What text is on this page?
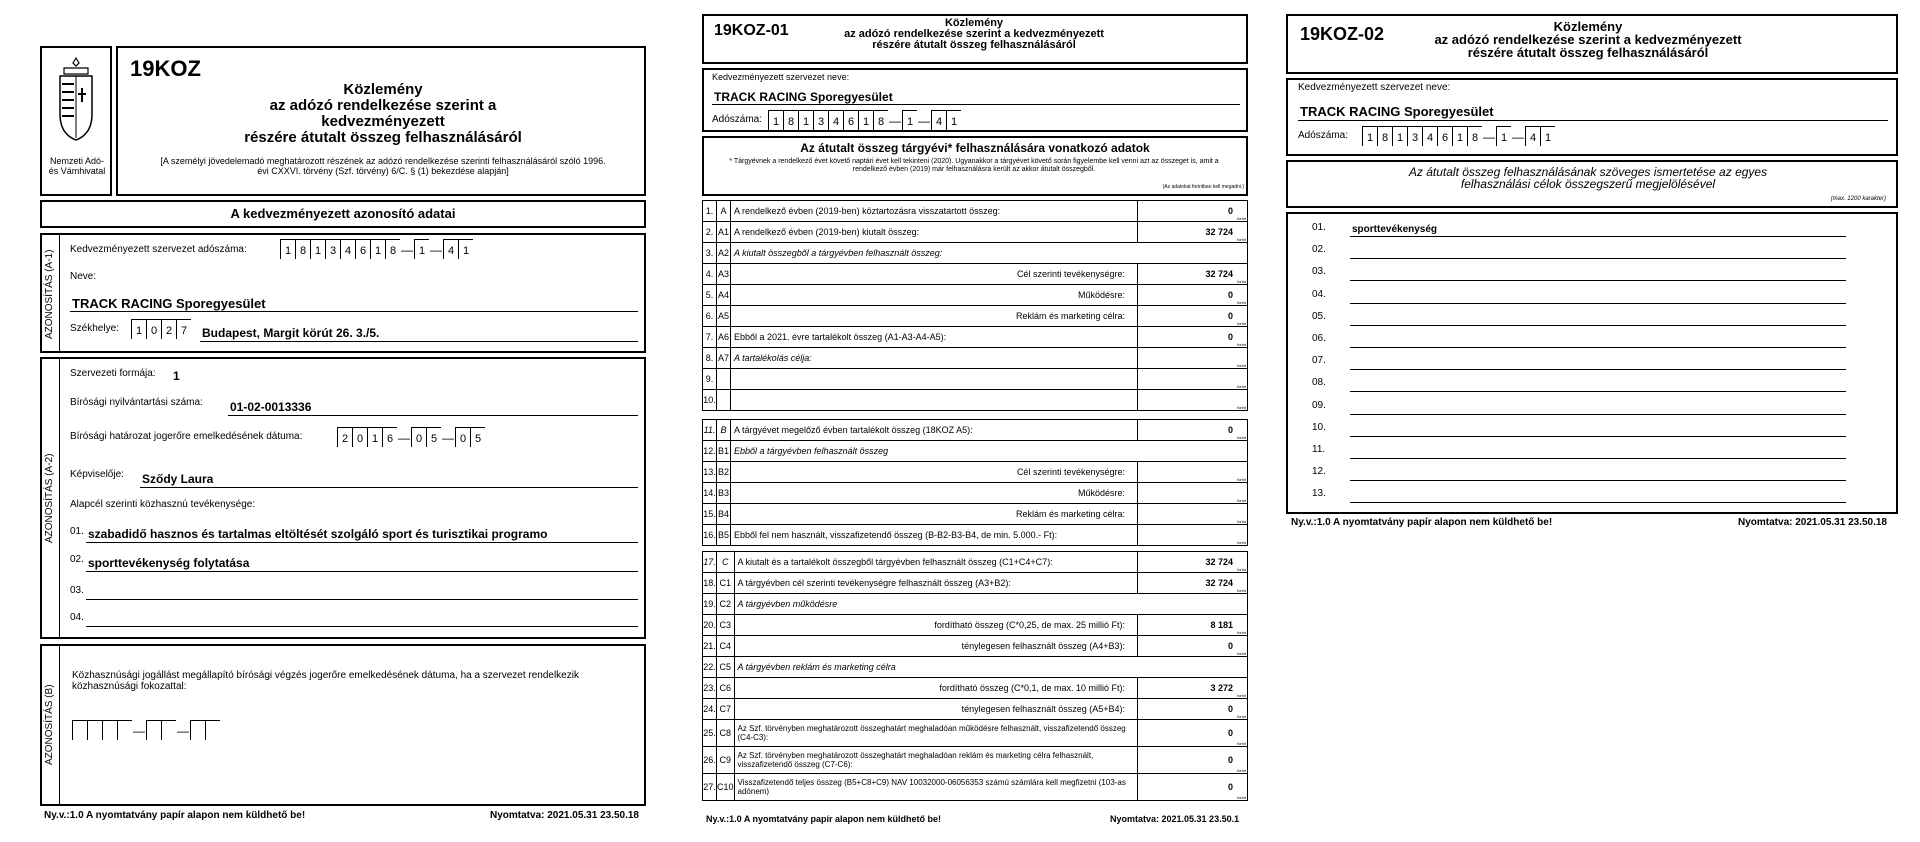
Nemzeti Adó- és Vámhivatal
19KOZ
Közlemény
az adózó rendelkezése szerint a kedvezményezett
részére átutalt összeg felhasználásáról
[A személyi jövedelemadó meghatározott részének az adózó rendelkezése szerinti felhasználásáról szóló 1996. évi CXXVI. törvény (Szf. törvény) 6/C. § (1) bekezdése alapján]
A kedvezményezett azonosító adatai
AZONOSÍTÁS (A-1)	Kedvezményezett szervezet adószáma:	1 8 1 3 4 6 1 8 — 1 — 4 1
Neve:
TRACK RACING Sporegyesület
Székhelye:	1 0 2 7	Budapest, Margit körút 26. 3./5.
AZONOSÍTÁS (A-2)
Szervezeti formája: 1
Bírósági nyilvántartási száma: 01-02-0013336
Bírósági határozat jogerőre emelkedésének dátuma:	2 0 1 6 — 0 5 — 0 5
Képviselője: Sződy Laura
Alapcél szerinti közhasznú tevékenysége:
01. szabadidő hasznos és tartalmas eltöltését szolgáló sport és turisztikai programo
02. sporttevékenység folytatása
03.
04.
AZONOSÍTÁS (B)
Közhasznúsági jogállást megállapító bírósági végzés jogerőre emelkedésének dátuma, ha a szervezet rendelkezik közhasznúsági fokozattal:
—	—
Ny.v.:1.0 A nyomtatvány papír alapon nem küldhető be!	Nyomtatva: 2021.05.31 23.50.18
19KOZ-01	Közlemény
az adózó rendelkezése szerint a kedvezményezett
részére átutalt összeg felhasználásáról
Kedvezményezett szervezet neve:
TRACK RACING Sporegyesület
Adószáma: 1 8 1 3 4 6 1 8 — 1 — 4 1
Az átutalt összeg tárgyévi* felhasználására vonatkozó adatok
* Tárgyévnek a rendelkező évet követő naptári évet kell tekinteni (2020). Ugyanakkor a tárgyévet követő során figyelembe kell venni azt az összeget is, amit a rendelkező évben (2019) már felhasználásra került az akkor átutalt összegből.
(Az adatokat forintban kell megadni.)
1.	A	A rendelkező évben (2019-ben) köztartozásra visszatartott összeg:	0
forint

2.	A1	A rendelkező évben (2019-ben) kiutalt összeg:	32 724
forint

3.	A2	A kiutalt összegből a tárgyévben felhasznált összeg:	
4.	A3	Cél szerinti tevékenységre:	32 724
forint

5.	A4	Működésre:	0
forint

6.	A5	Reklám és marketing célra:	0
forint

7.	A6	Ebből a 2021. évre tartalékolt összeg (A1-A3-A4-A5):	0
forint

8.	A7	A tartalékolás célja:	forint

9.			forint

10.			forint
11.	B	A tárgyévet megelőző évben tartalékolt összeg (18KOZ A5):	0
forint

12.	B1	Ebből a tárgyévben felhasznált összeg	
13.	B2	Cél szerinti tevékenységre:	forint

14.	B3	Működésre:	forint

15.	B4	Reklám és marketing célra:	forint

16.	B5	Ebből fel nem használt, visszafizetendő összeg (B-B2-B3-B4, de min. 5.000.- Ft):	forint
17.	C	A kiutalt és a tartalékolt összegből tárgyévben felhasznált összeg (C1+C4+C7):	32 724
forint

18.	C1	A tárgyévben cél szerinti tevékenységre felhasznált összeg (A3+B2):	32 724
forint

19.	C2	A tárgyévben működésre	
20.	C3	fordítható összeg (C*0,25, de max. 25 millió Ft):	8 181
forint

21.	C4	ténylegesen felhasznált összeg (A4+B3):	0
forint

22.	C5	A tárgyévben reklám és marketing célra	
23.	C6	fordítható összeg (C*0,1, de max. 10 millió Ft):	3 272
forint

24.	C7	ténylegesen felhasznált összeg (A5+B4):	0
forint

25.	C8	Az Szf. törvényben meghatározott összeghatárt meghaladóan működésre felhasznált, visszafizetendő összeg (C4-C3):	0
forint

26.	C9	Az Szf. törvényben meghatározott összeghatárt meghaladóan reklám és marketing célra felhasznált, visszafizetendő összeg (C7-C6):	0
forint

27.	C10	Visszafizetendő teljes összeg (B5+C8+C9) NAV 10032000-06056353 számú számlára kell megfizetni (103-as adónem)	0
forint
Ny.v.:1.0 A nyomtatvány papír alapon nem küldhető be!	Nyomtatva: 2021.05.31 23.50.1
19KOZ-02	Közlemény
az adózó rendelkezése szerint a kedvezményezett
részére átutalt összeg felhasználásáról
Kedvezményezett szervezet neve:
TRACK RACING Sporegyesület
Adószáma:	1 8 1 3 4 6 1 8 — 1 — 4 1
Az átutalt összeg felhasználásának szöveges ismertetése az egyes felhasználási célok összegszerű megjelölésével
(max. 1200 karakter)
01.	sporttevékenység
02.
03.
04.
05.
06.
07.
08.
09.
10.
11.
12.
13.
Ny.v.:1.0 A nyomtatvány papír alapon nem küldhető be!	Nyomtatva: 2021.05.31 23.50.18
